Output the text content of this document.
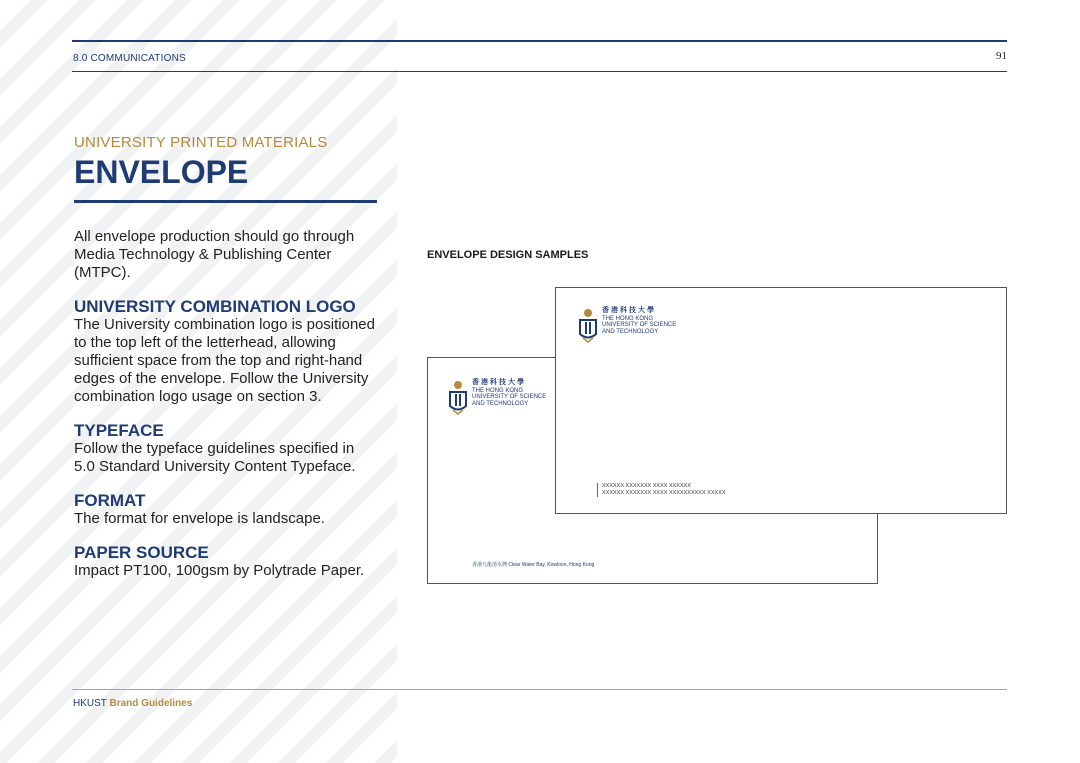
8.0 COMMUNICATIONS	91

UNIVERSITY PRINTED MATERIALS

ENVELOPE

All envelope production should go through Media Technology & Publishing Center (MTPC).

UNIVERSITY COMBINATION LOGO

The University combination logo is positioned to the top left of the letterhead, allowing sufficient space from the top and right-hand edges of the envelope. Follow the University combination logo usage on section 3.

TYPEFACE

Follow the typeface guidelines specified in 5.0 Standard University Content Typeface.

FORMAT

The format for envelope is landscape.

PAPER SOURCE

Impact PT100, 100gsm by Polytrade Paper.

ENVELOPE DESIGN SAMPLES
香港科技大學
THE HONG KONG
UNIVERSITY OF SCIENCE
AND TECHNOLOGY
香港九龍清水灣 Clear Water Bay, Kowloon, Hong Kong
香港科技大學
THE HONG KONG
UNIVERSITY OF SCIENCE
AND TECHNOLOGY
XXXXXX XXXXXXX XXXX XXXXXX
XXXXXX XXXXXXX XXXX XXXXXXXXXX XXXXX
HKUST Brand Guidelines
